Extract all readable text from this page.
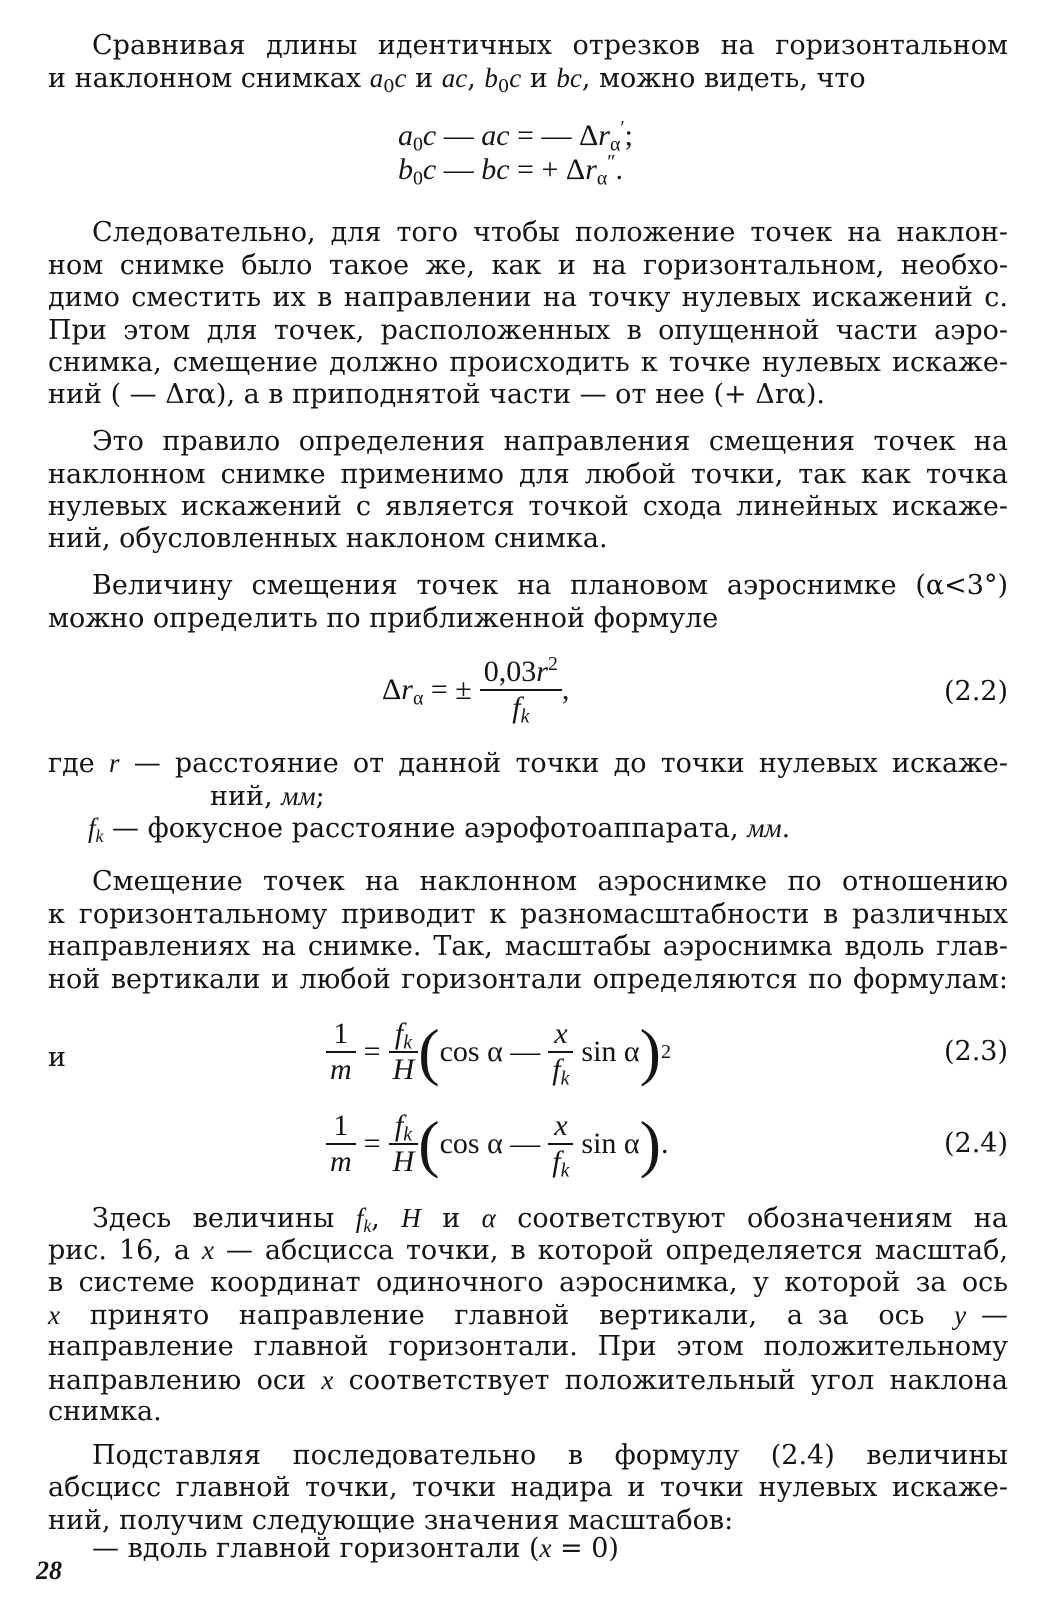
Сравнивая длины идентичных отрезков на горизонтальном
и наклонном снимках $a_0c$ и ac, $b_0c$ и bc, можно видеть, что
$a_0c$ — ac = — $\Delta r_\alpha'$;
$b_0c$ — bc = + $\Delta r_\alpha''$.
Следовательно, для того чтобы положение точек на наклон-
ном снимке было такое же, как и на горизонтальном, необхо-
димо сместить их в направлении на точку нулевых искажений c.
При этом для точек, расположенных в опущенной части аэро-
снимка, смещение должно происходить к точке нулевых искаже-
ний ( — Δrα), а в приподнятой части — от нее (+ Δrα).
Это правило определения направления смещения точек на
наклонном снимке применимо для любой точки, так как точка
нулевых искажений c является точкой схода линейных искаже-
ний, обусловленных наклоном снимка.
Величину смещения точек на плановом аэроснимке (α<3°)
можно определить по приближенной формуле
$\Delta r_\alpha$ = ± $\frac{0,03r^2}{f_k}$ ,	(2.2)
где r — расстояние от данной точки до точки нулевых искаже-
ний, мм;
$f_k$ — фокусное расстояние аэрофотоаппарата, мм.
Смещение точек на наклонном аэроснимке по отношению
к горизонтальному приводит к разномасштабности в различных
направлениях на снимке. Так, масштабы аэроснимка вдоль глав-
ной вертикали и любой горизонтали определяются по формулам:
$\frac{1}{m} = \frac{f_k}{H}$ ( cos α — $\frac{x}{f_k}$ sin α ) 2	(2.3)
и
$\frac{1}{m} = \frac{f_k}{H}$ ( cos α — $\frac{x}{f_k}$ sin α ) .	(2.4)
Здесь величины $f_k$, H и α соответствуют обозначениям на
рис. 16, а x — абсцисса точки, в которой определяется масштаб,
в системе координат одиночного аэроснимка, у которой за ось
x  принято  направление  главной  вертикали,  а за  ось  y —
направление главной горизонтали. При этом положительному
направлению оси x соответствует положительный угол наклона
снимка.
Подставляя последовательно в формулу (2.4) величины
абсцисс главной точки, точки надира и точки нулевых искаже-
ний, получим следующие значения масштабов:
— вдоль главной горизонтали (x = 0)
28
